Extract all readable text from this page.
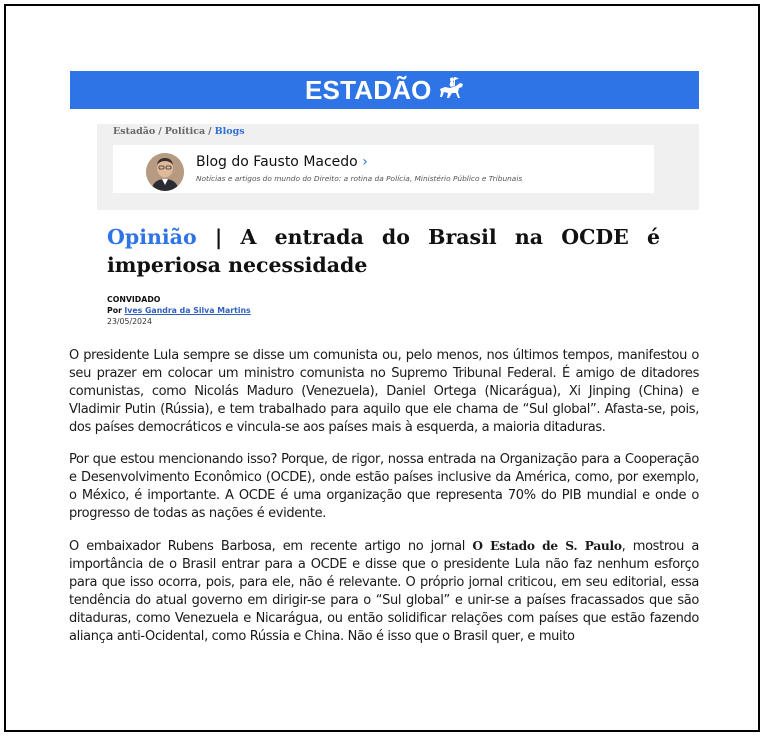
ESTADÃO
Estadão / Política / Blogs
Blog do Fausto Macedo ›
Notícias e artigos do mundo do Direito: a rotina da Polícia, Ministério Público e Tribunais
Opinião | A entrada do Brasil na OCDE é imperiosa necessidade
CONVIDADO
Por Ives Gandra da Silva Martins
23/05/2024

O presidente Lula sempre se disse um comunista ou, pelo menos, nos últimos tempos, manifestou o seu prazer em colocar um ministro comunista no Supremo Tribunal Federal. É amigo de ditadores comunistas, como Nicolás Maduro (Venezuela), Daniel Ortega (Nicarágua), Xi Jinping (China) e Vladimir Putin (Rússia), e tem trabalhado para aquilo que ele chama de “Sul global”. Afasta-se, pois, dos países democráticos e vincula-se aos países mais à esquerda, a maioria ditaduras.

Por que estou mencionando isso? Porque, de rigor, nossa entrada na Organização para a Cooperação e Desenvolvimento Econômico (OCDE), onde estão países inclusive da América, como, por exemplo, o México, é importante. A OCDE é uma organização que representa 70% do PIB mundial e onde o progresso de todas as nações é evidente.

O embaixador Rubens Barbosa, em recente artigo no jornal O Estado de S. Paulo, mostrou a importância de o Brasil entrar para a OCDE e disse que o presidente Lula não faz nenhum esforço para que isso ocorra, pois, para ele, não é relevante. O próprio jornal criticou, em seu editorial, essa tendência do atual governo em dirigir-se para o “Sul global” e unir-se a países fracassados que são ditaduras, como Venezuela e Nicarágua, ou então solidificar relações com países que estão fazendo aliança anti-Ocidental, como Rússia e China. Não é isso que o Brasil quer, e muito
